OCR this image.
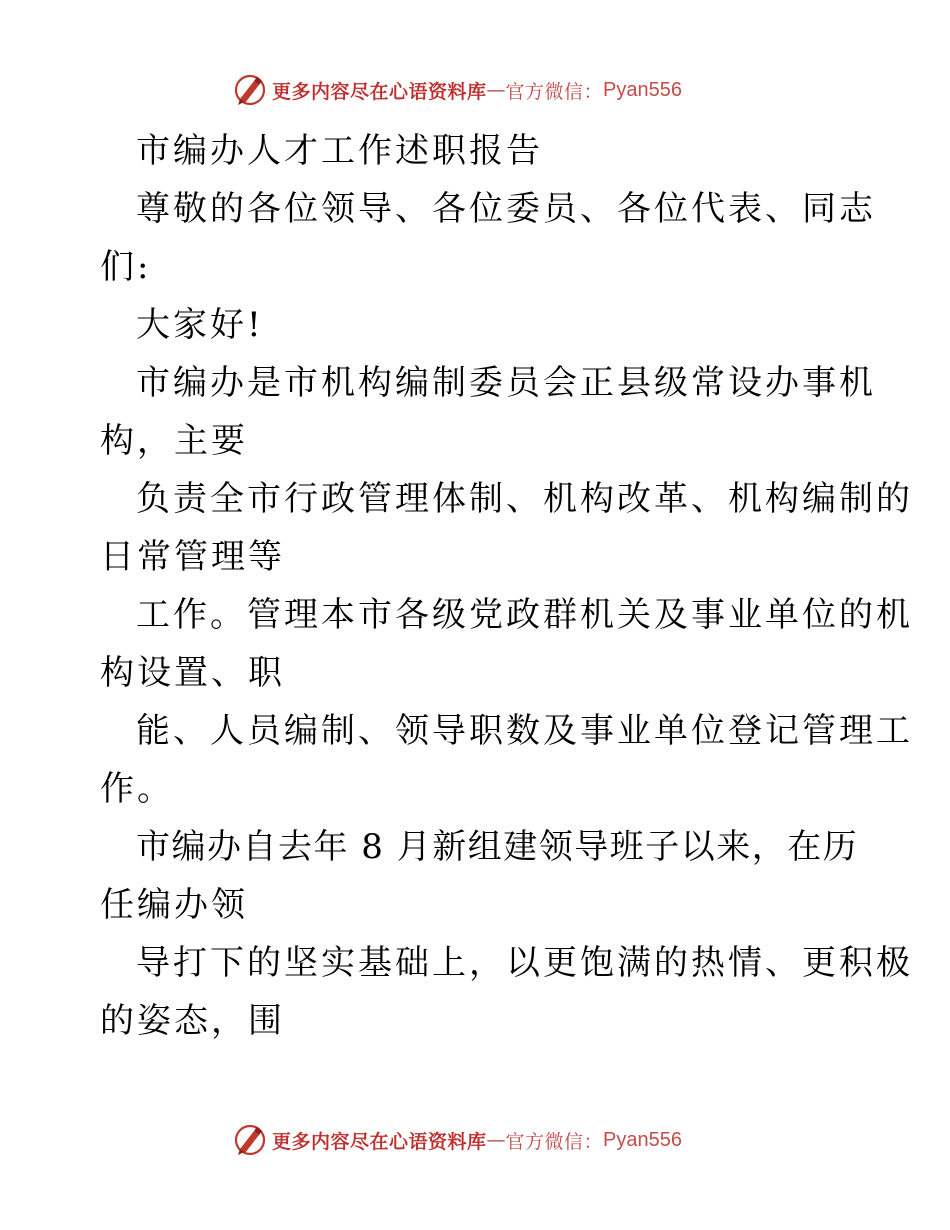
更多内容尽在心语资料库 — 官方微信： Pyan556
市编办人才工作述职报告
尊敬的各位领导、各位委员、各位代表、同志
们:
大家好!
市编办是市机构编制委员会正县级常设办事机
构，主要
负责全市行政管理体制、机构改革、机构编制的
日常管理等
工作。管理本市各级党政群机关及事业单位的机
构设置、职
能、人员编制、领导职数及事业单位登记管理工
作。
市编办自去年 8 月新组建领导班子以来，在历
任编办领
导打下的坚实基础上，以更饱满的热情、更积极
的姿态，围
更多内容尽在心语资料库 — 官方微信： Pyan556
